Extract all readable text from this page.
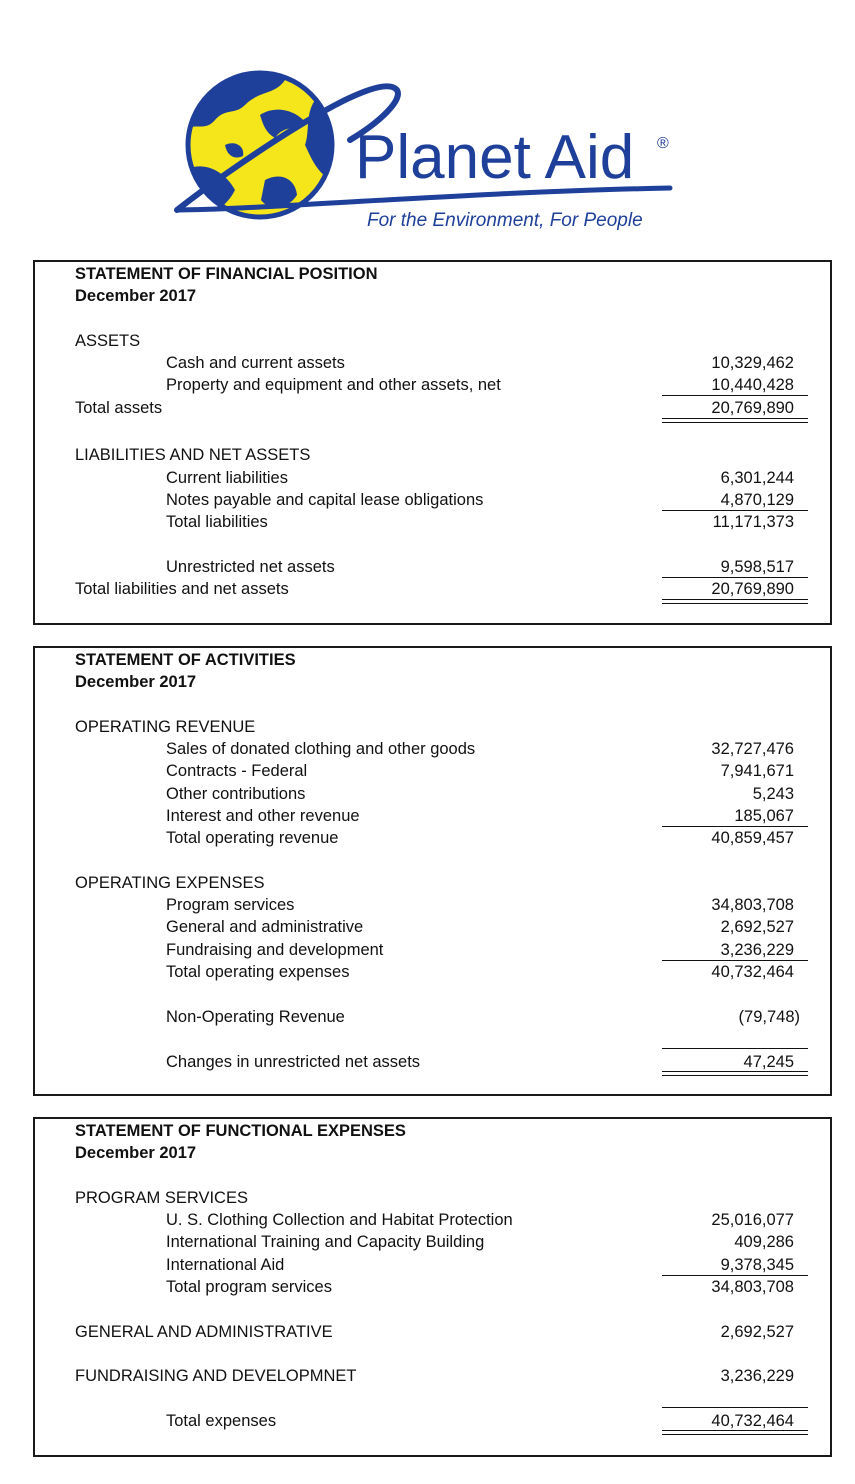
Planet Aid ®
For the Environment, For People
STATEMENT OF FINANCIAL POSITION
December 2017
ASSETS
Cash and current assets	10,329,462
Property and equipment and other assets, net	10,440,428
Total assets	20,769,890
LIABILITIES AND NET ASSETS
Current liabilities	6,301,244
Notes payable and capital lease obligations	4,870,129
Total liabilities	11,171,373
Unrestricted net assets	9,598,517
Total liabilities and net assets	20,769,890
STATEMENT OF ACTIVITIES
December 2017
OPERATING REVENUE
Sales of donated clothing and other goods	32,727,476
Contracts - Federal	7,941,671
Other contributions	5,243
Interest and other revenue	185,067
Total operating revenue	40,859,457
OPERATING EXPENSES
Program services	34,803,708
General and administrative	2,692,527
Fundraising and development	3,236,229
Total operating expenses	40,732,464
Non-Operating Revenue	(79,748)
Changes in unrestricted net assets	47,245
STATEMENT OF FUNCTIONAL EXPENSES
December 2017
PROGRAM SERVICES
U. S. Clothing Collection and Habitat Protection	25,016,077
International Training and Capacity Building	409,286
International Aid	9,378,345
Total program services	34,803,708
GENERAL AND ADMINISTRATIVE	2,692,527
FUNDRAISING AND DEVELOPMNET	3,236,229
Total expenses	40,732,464
